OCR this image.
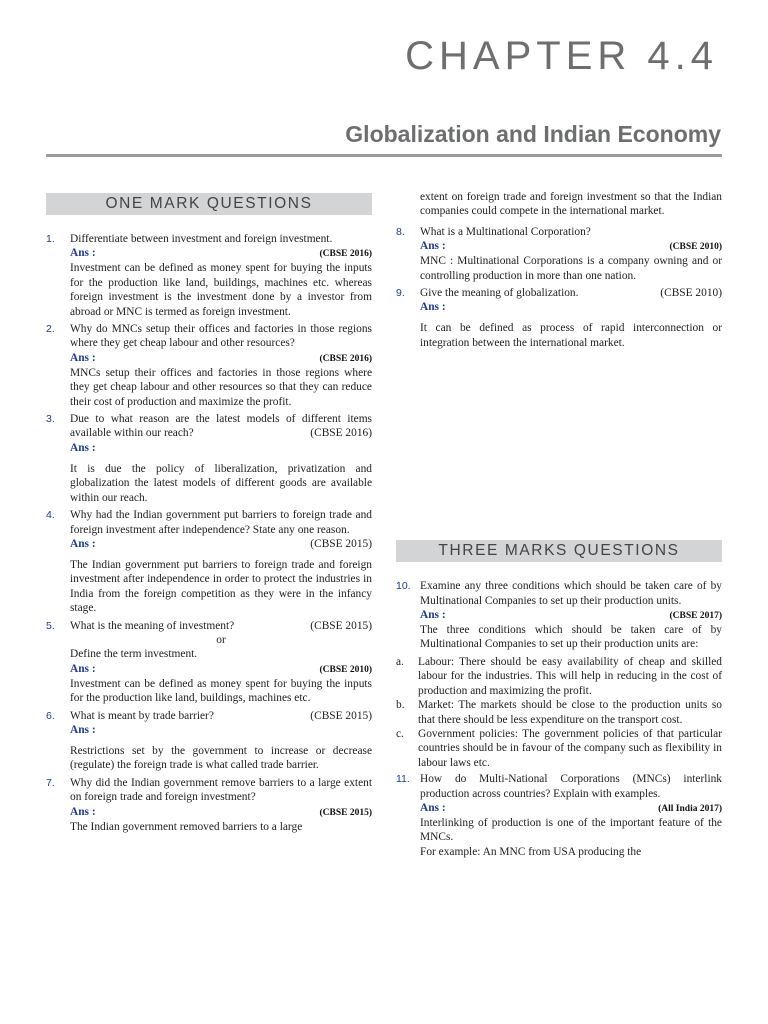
CHAPTER 4.4
Globalization and Indian Economy
ONE MARK QUESTIONS
1. Differentiate between investment and foreign investment.
Ans :	(CBSE 2016)
Investment can be defined as money spent for buying the inputs for the production like land, buildings, machines etc. whereas foreign investment is the investment done by a investor from abroad or MNC is termed as foreign investment.
2. Why do MNCs setup their offices and factories in those regions where they get cheap labour and other resources?
Ans :	(CBSE 2016)
MNCs setup their offices and factories in those regions where they get cheap labour and other resources so that they can reduce their cost of production and maximize the profit.
3. Due to what reason are the latest models of different items available within our reach?	(CBSE 2016)
Ans :
It is due the policy of liberalization, privatization and globalization the latest models of different goods are available within our reach.
4. Why had the Indian government put barriers to foreign trade and foreign investment after independence? State any one reason.
(CBSE 2015)
Ans :
The Indian government put barriers to foreign trade and foreign investment after independence in order to protect the industries in India from the foreign competition as they were in the infancy stage.
5. What is the meaning of investment?	(CBSE 2015)
or
Define the term investment.
Ans :	(CBSE 2010)
Investment can be defined as money spent for buying the inputs for the production like land, buildings, machines etc.
6. What is meant by trade barrier?	(CBSE 2015)
Ans :
Restrictions set by the government to increase or decrease (regulate) the foreign trade is what called trade barrier.
7. Why did the Indian government remove barriers to a large extent on foreign trade and foreign investment?
Ans :	(CBSE 2015)
The Indian government removed barriers to a large
extent on foreign trade and foreign investment so that the Indian companies could compete in the international market.
8. What is a Multinational Corporation?
Ans :	(CBSE 2010)
MNC : Multinational Corporations is a company owning and or controlling production in more than one nation.
9. Give the meaning of globalization.	(CBSE 2010)
Ans :
It can be defined as process of rapid interconnection or integration between the international market.
THREE MARKS QUESTIONS
10. Examine any three conditions which should be taken care of by Multinational Companies to set up their production units.
Ans :	(CBSE 2017)
The three conditions which should be taken care of by Multinational Companies to set up their production units are:
a. Labour: There should be easy availability of cheap and skilled labour for the industries. This will help in reducing in the cost of production and maximizing the profit.
b. Market: The markets should be close to the production units so that there should be less expenditure on the transport cost.
c. Government policies: The government policies of that particular countries should be in favour of the company such as flexibility in labour laws etc.
11. How do Multi-National Corporations (MNCs) interlink production across countries? Explain with examples.
Ans :	(All India 2017)
Interlinking of production is one of the important feature of the MNCs.
For example: An MNC from USA producing the
